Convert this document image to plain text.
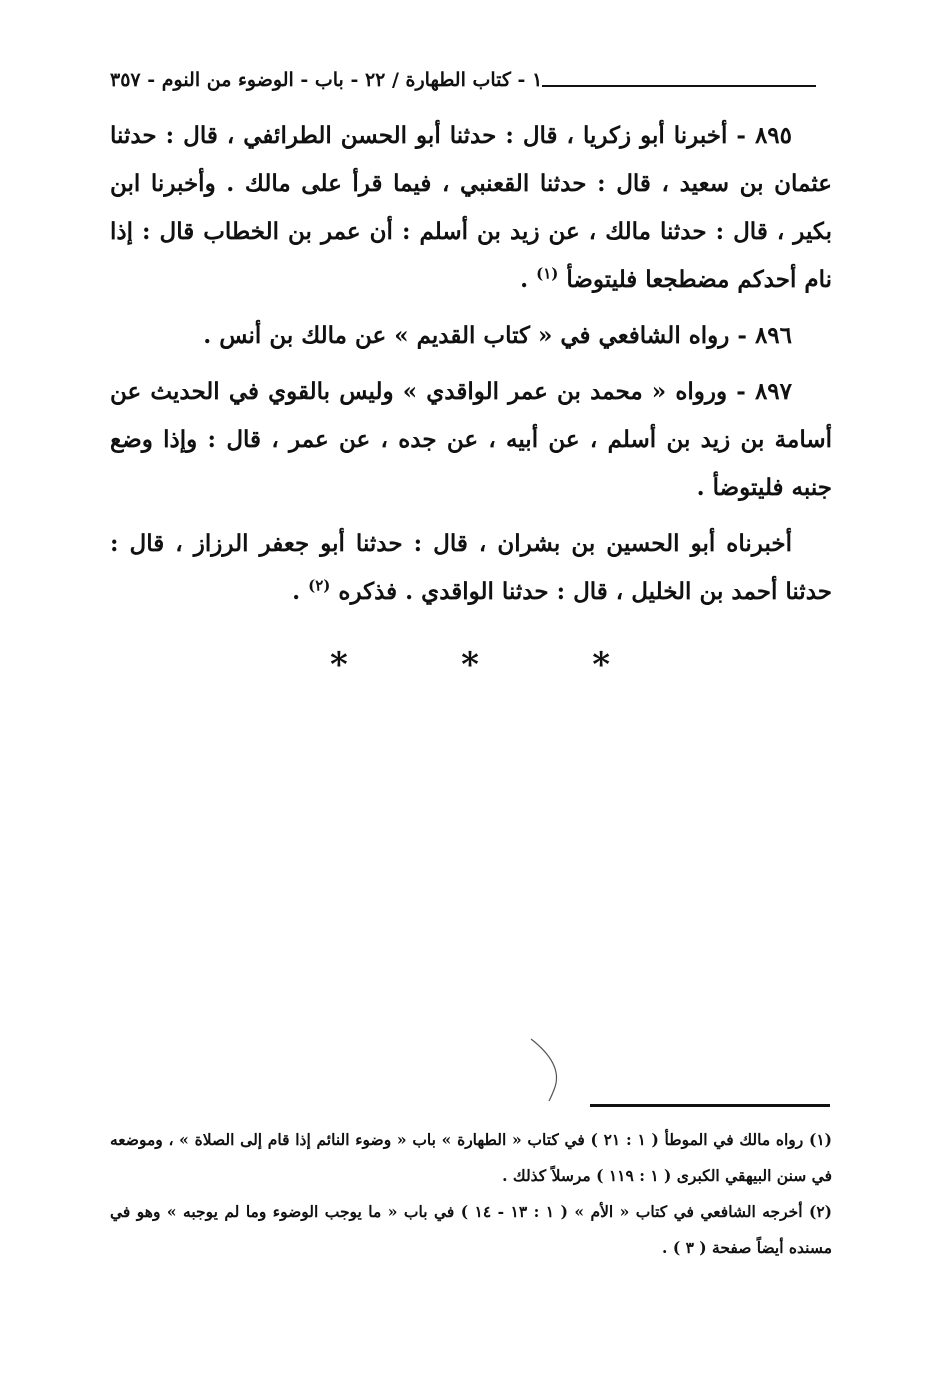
١ - كتاب الطهارة / ٢٢ - باب - الوضوء من النوم - ٣٥٧

٨٩٥ - أخبرنا أبو زكريا ، قال : حدثنا أبو الحسن الطرائفي ، قال : حدثنا عثمان بن سعيد ، قال : حدثنا القعنبي ، فيما قرأ على مالك . وأخبرنا ابن بكير ، قال : حدثنا مالك ، عن زيد بن أسلم : أن عمر بن الخطاب قال : إذا نام أحدكم مضطجعا فليتوضأ $^{(١)}$ .

٨٩٦ - رواه الشافعي في « كتاب القديم » عن مالك بن أنس .

٨٩٧ - ورواه « محمد بن عمر الواقدي » وليس بالقوي في الحديث عن أسامة بن زيد بن أسلم ، عن أبيه ، عن جده ، عن عمر ، قال : وإذا وضع جنبه فليتوضأ .

أخبرناه أبو الحسين بن بشران ، قال : حدثنا أبو جعفر الرزاز ، قال : حدثنا أحمد بن الخليل ، قال : حدثنا الواقدي . فذكره $^{(٢)}$ .

*	*	*

(١) رواه مالك في الموطأ ( ١ : ٢١ ) في كتاب « الطهارة » باب « وضوء النائم إذا قام إلى الصلاة » ، وموضعه في سنن البيهقي الكبرى ( ١ : ١١٩ ) مرسلاً كذلك .

(٢) أخرجه الشافعي في كتاب « الأم » ( ١ : ١٣ - ١٤ ) في باب « ما يوجب الوضوء وما لم يوجبه » وهو في مسنده أيضاً صفحة ( ٣ ) .
